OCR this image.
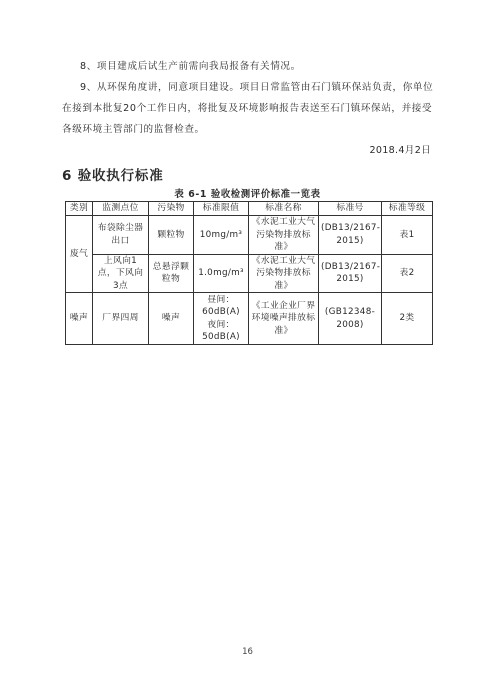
8、项目建成后试生产前需向我局报备有关情况。
9、从环保角度讲，同意项目建设。项目日常监管由石门镇环保站负责，你单位在接到本批复20个工作日内，将批复及环境影响报告表送至石门镇环保站，并接受各级环境主管部门的监督检查。
2018.4月2日
6 验收执行标准
表 6-1 验收检测评价标准一览表
类别	监测点位	污染物	标准限值	标准名称	标准号	标准等级
废气	布袋除尘器出口	颗粒物	10mg/m³	《水泥工业大气污染物排放标准》	(DB13/2167-2015)	表1
	上风向1点，下风向3点	总悬浮颗粒物	1.0mg/m³	《水泥工业大气污染物排放标准》	(DB13/2167-2015)	表2
噪声	厂界四周	噪声	昼间：60dB(A)
夜间：50dB(A)	《工业企业厂界环境噪声排放标准》	(GB12348-2008)	2类
16
